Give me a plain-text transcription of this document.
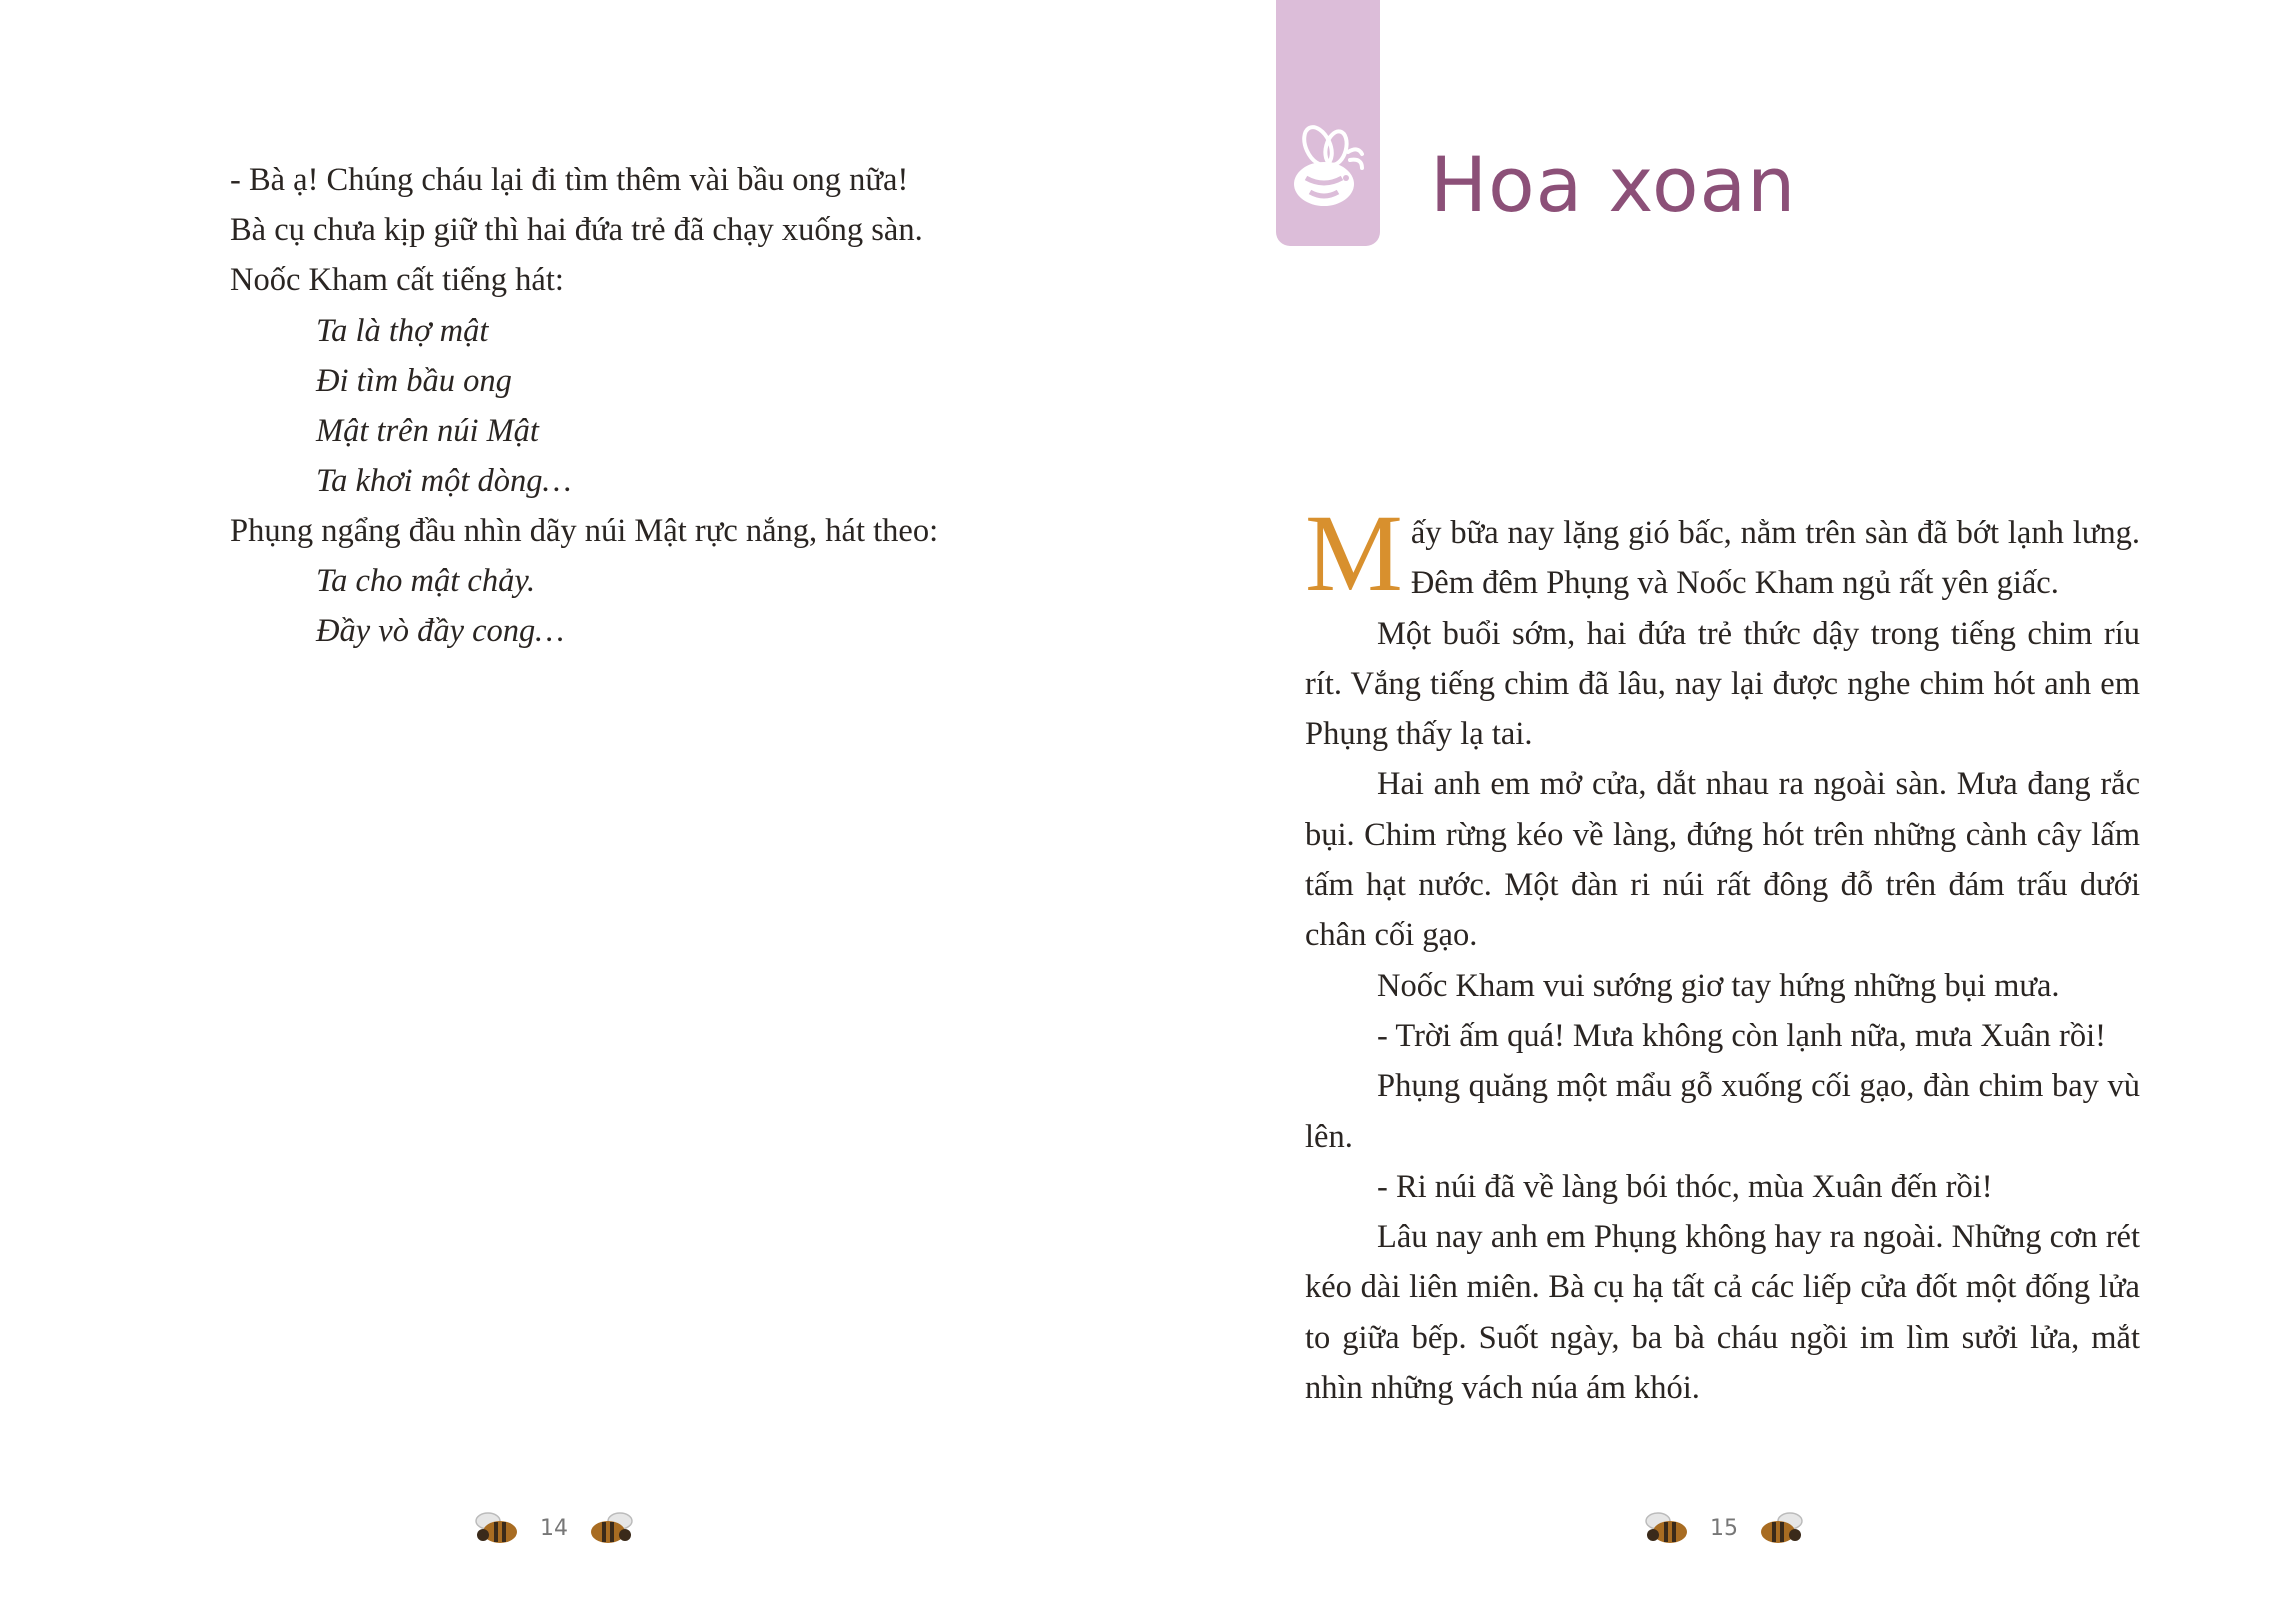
- Bà ạ! Chúng cháu lại đi tìm thêm vài bầu ong nữa!

Bà cụ chưa kịp giữ thì hai đứa trẻ đã chạy xuống sàn.

Noốc Kham cất tiếng hát:

Ta là thợ mật

Đi tìm bầu ong

Mật trên núi Mật

Ta khơi một dòng…

Phụng ngẩng đầu nhìn dãy núi Mật rực nắng, hát theo:

Ta cho mật chảy.

Đầy vò đầy cong…

14
Hoa xoan

Mấy bữa nay lặng gió bấc, nằm trên sàn đã bớt lạnh lưng. Đêm đêm Phụng và Noốc Kham ngủ rất yên giấc.

Một buổi sớm, hai đứa trẻ thức dậy trong tiếng chim ríu rít. Vắng tiếng chim đã lâu, nay lại được nghe chim hót anh em Phụng thấy lạ tai.

Hai anh em mở cửa, dắt nhau ra ngoài sàn. Mưa đang rắc bụi. Chim rừng kéo về làng, đứng hót trên những cành cây lấm tấm hạt nước. Một đàn ri núi rất đông đỗ trên đám trấu dưới chân cối gạo.

Noốc Kham vui sướng giơ tay hứng những bụi mưa.

- Trời ấm quá! Mưa không còn lạnh nữa, mưa Xuân rồi!

Phụng quăng một mẩu gỗ xuống cối gạo, đàn chim bay vù lên.

- Ri núi đã về làng bói thóc, mùa Xuân đến rồi!

Lâu nay anh em Phụng không hay ra ngoài. Những cơn rét kéo dài liên miên. Bà cụ hạ tất cả các liếp cửa đốt một đống lửa to giữa bếp. Suốt ngày, ba bà cháu ngồi im lìm sưởi lửa, mắt nhìn những vách núa ám khói.

15
